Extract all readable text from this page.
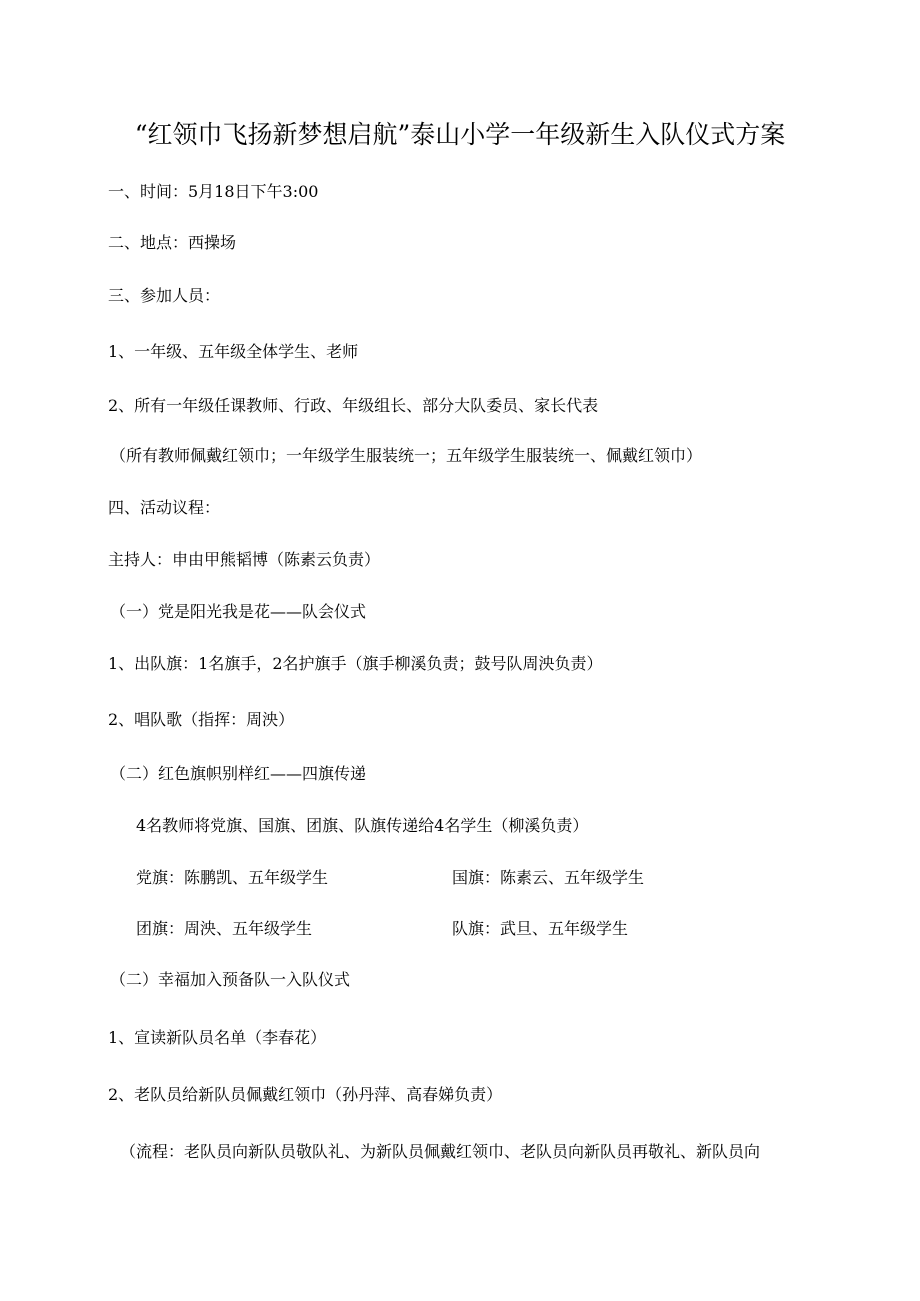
“红领巾飞扬新梦想启航”泰山小学一年级新生入队仪式方案
一、时间：5月18日下午3:00
二、地点：西操场
三、参加人员：
1、一年级、五年级全体学生、老师
2、所有一年级任课教师、行政、年级组长、部分大队委员、家长代表
（所有教师佩戴红领巾；一年级学生服装统一；五年级学生服装统一、佩戴红领巾）
四、活动议程：
主持人：申由甲熊韬博（陈素云负责）
（一）党是阳光我是花——队会仪式
1、出队旗：1名旗手，2名护旗手（旗手柳溪负责；鼓号队周泱负责）
2、唱队歌（指挥：周泱）
（二）红色旗帜别样红——四旗传递
4名教师将党旗、国旗、团旗、队旗传递给4名学生（柳溪负责）
党旗：陈鹏凯、五年级学生	国旗：陈素云、五年级学生
团旗：周泱、五年级学生	队旗：武旦、五年级学生
（二）幸福加入预备队一入队仪式
1、宣读新队员名单（李春花）
2、老队员给新队员佩戴红领巾（孙丹萍、高春娣负责）
（流程：老队员向新队员敬队礼、为新队员佩戴红领巾、老队员向新队员再敬礼、新队员向
